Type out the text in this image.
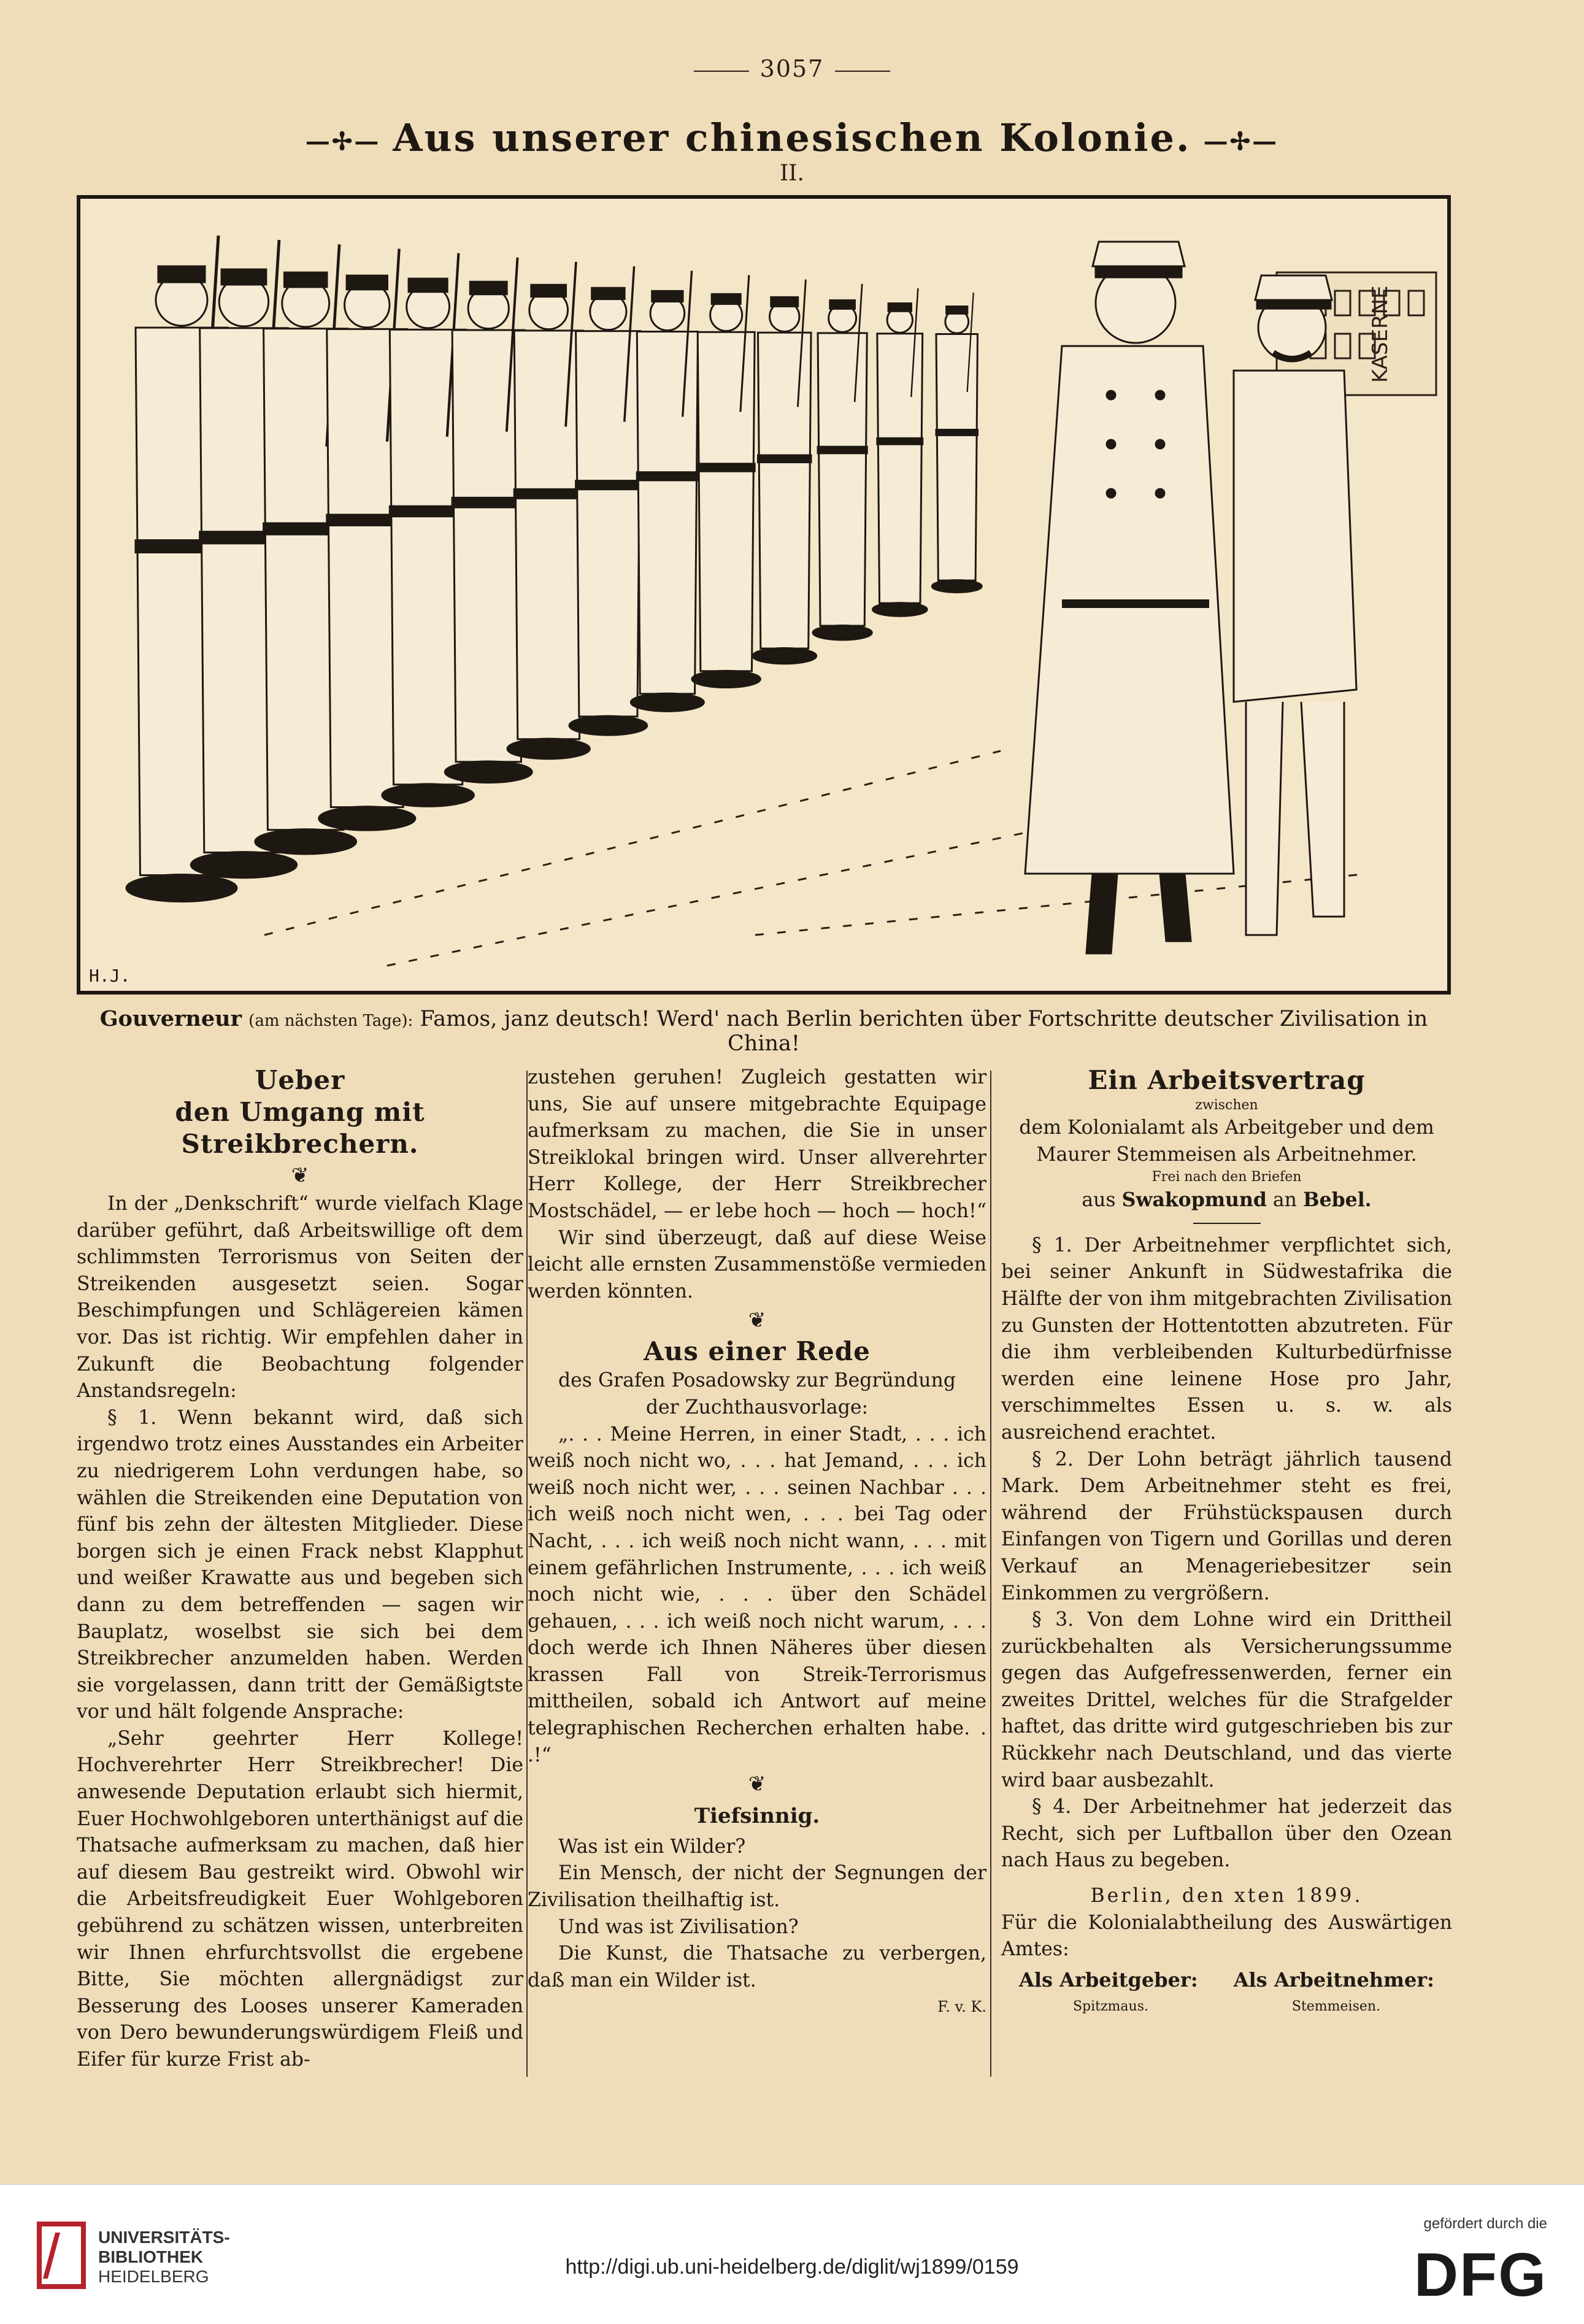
3057
—✢— Aus unserer chinesischen Kolonie. —✢—
II.
KASERNE
H.J.
Gouverneur (am nächsten Tage): Famos, janz deutsch! Werd' nach Berlin berichten über Fortschritte deutscher Zivilisation in China!
Ueber
den Umgang mit Streikbrechern.
❦

In der „Denkschrift“ wurde vielfach Klage darüber geführt, daß Arbeitswillige oft dem schlimmsten Terrorismus von Seiten der Streikenden ausgesetzt seien. Sogar Beschimpfungen und Schlägereien kämen vor. Das ist richtig. Wir empfehlen daher in Zukunft die Beobachtung folgender Anstandsregeln:

§ 1. Wenn bekannt wird, daß sich irgendwo trotz eines Ausstandes ein Arbeiter zu niedrigerem Lohn verdungen habe, so wählen die Streikenden eine Deputation von fünf bis zehn der ältesten Mitglieder. Diese borgen sich je einen Frack nebst Klapphut und weißer Krawatte aus und begeben sich dann zu dem betreffenden — sagen wir Bauplatz, woselbst sie sich bei dem Streikbrecher anzumelden haben. Werden sie vorgelassen, dann tritt der Gemäßigtste vor und hält folgende Ansprache:

„Sehr geehrter Herr Kollege! Hochverehrter Herr Streikbrecher! Die anwesende Deputation erlaubt sich hiermit, Euer Hochwohlgeboren unterthänigst auf die Thatsache aufmerksam zu machen, daß hier auf diesem Bau gestreikt wird. Obwohl wir die Arbeitsfreudigkeit Euer Wohlgeboren gebührend zu schätzen wissen, unterbreiten wir Ihnen ehrfurchtsvollst die ergebene Bitte, Sie möchten allergnädigst zur Besserung des Looses unserer Kameraden von Dero bewunderungswürdigem Fleiß und Eifer für kurze Frist ab-

zustehen geruhen! Zugleich gestatten wir uns, Sie auf unsere mitgebrachte Equipage aufmerksam zu machen, die Sie in unser Streiklokal bringen wird. Unser allverehrter Herr Kollege, der Herr Streikbrecher Mostschädel, — er lebe hoch — hoch — hoch!“

Wir sind überzeugt, daß auf diese Weise leicht alle ernsten Zusammenstöße vermieden werden könnten.

❦
Aus einer Rede

des Grafen Posadowsky zur Begründung

der Zuchthausvorlage:

„. . . Meine Herren, in einer Stadt, . . . ich weiß noch nicht wo, . . . hat Jemand, . . . ich weiß noch nicht wer, . . . seinen Nachbar . . . ich weiß noch nicht wen, . . . bei Tag oder Nacht, . . . ich weiß noch nicht wann, . . . mit einem gefährlichen Instrumente, . . . ich weiß noch nicht wie, . . . über den Schädel gehauen, . . . ich weiß noch nicht warum, . . . doch werde ich Ihnen Näheres über diesen krassen Fall von Streik-Terrorismus mittheilen, sobald ich Antwort auf meine telegraphischen Recherchen erhalten habe. . .!“

❦

Tiefsinnig.

Was ist ein Wilder?

Ein Mensch, der nicht der Segnungen der Zivilisation theilhaftig ist.

Und was ist Zivilisation?

Die Kunst, die Thatsache zu verbergen, daß man ein Wilder ist.

F. v. K.

Ein Arbeitsvertrag

zwischen

dem Kolonialamt als Arbeitgeber und dem Maurer Stemmeisen als Arbeitnehmer.

Frei nach den Briefen

aus Swakopmund an Bebel.

§ 1. Der Arbeitnehmer verpflichtet sich, bei seiner Ankunft in Südwestafrika die Hälfte der von ihm mitgebrachten Zivilisation zu Gunsten der Hottentotten abzutreten. Für die ihm verbleibenden Kulturbedürfnisse werden eine leinene Hose pro Jahr, verschimmeltes Essen u. s. w. als ausreichend erachtet.

§ 2. Der Lohn beträgt jährlich tausend Mark. Dem Arbeitnehmer steht es frei, während der Frühstückspausen durch Einfangen von Tigern und Gorillas und deren Verkauf an Menageriebesitzer sein Einkommen zu vergrößern.

§ 3. Von dem Lohne wird ein Drittheil zurückbehalten als Versicherungssumme gegen das Aufgefressenwerden, ferner ein zweites Drittel, welches für die Strafgelder haftet, das dritte wird gutgeschrieben bis zur Rückkehr nach Deutschland, und das vierte wird baar ausbezahlt.

§ 4. Der Arbeitnehmer hat jederzeit das Recht, sich per Luftballon über den Ozean nach Haus zu begeben.

Berlin, den xten 1899.

Für die Kolonialabtheilung des Auswärtigen Amtes:

Als Arbeitgeber: Als Arbeitnehmer:
Spitzmaus.	Stemmeisen.
UNIVERSITÄTS-
BIBLIOTHEK
HEIDELBERG	http://digi.ub.uni-heidelberg.de/diglit/wj1899/0159
gefördert durch die
DFG
